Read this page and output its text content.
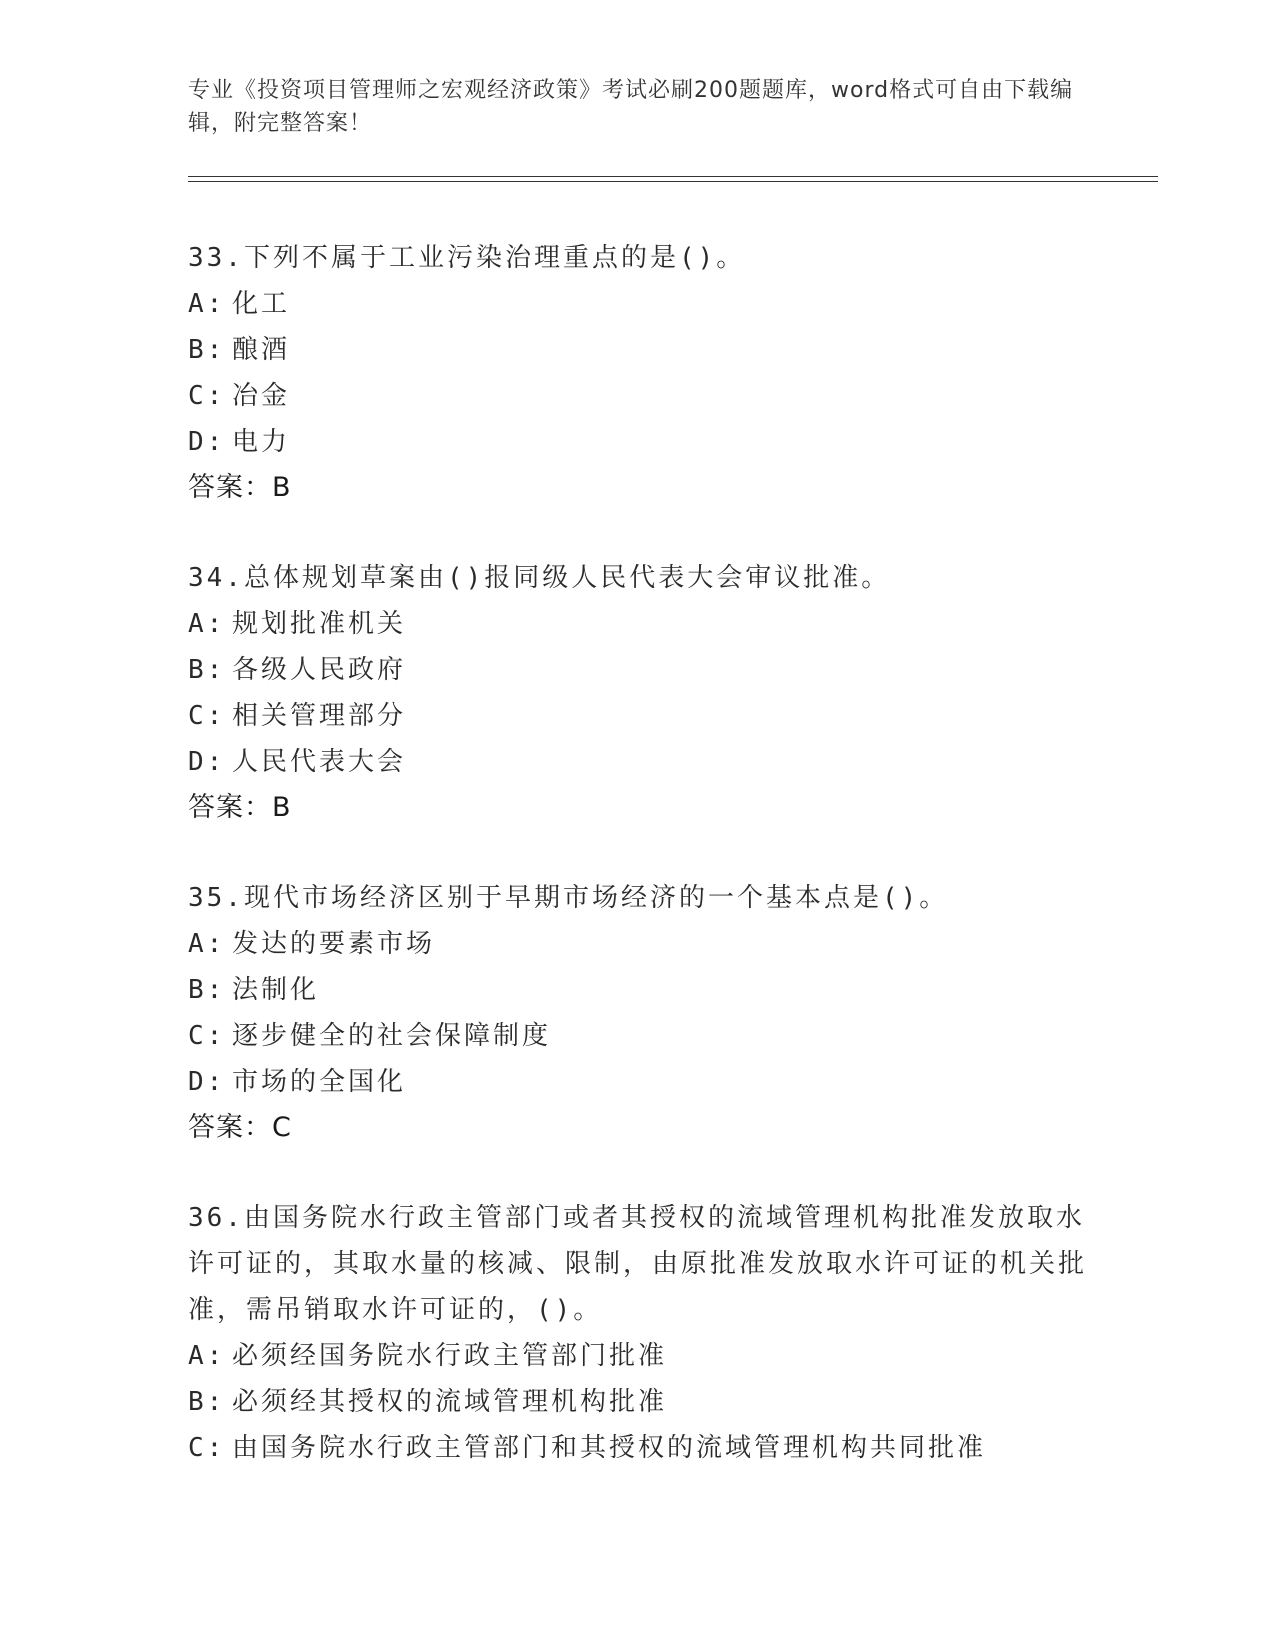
专业《投资项目管理师之宏观经济政策》考试必刷200题题库，word格式可自由下载编辑，附完整答案！

33.下列不属于工业污染治理重点的是()。

A: 化工

B: 酿酒

C: 冶金

D: 电力

答案：B

34.总体规划草案由()报同级人民代表大会审议批准。

A: 规划批准机关

B: 各级人民政府

C: 相关管理部分

D: 人民代表大会

答案：B

35.现代市场经济区别于早期市场经济的一个基本点是()。

A: 发达的要素市场

B: 法制化

C: 逐步健全的社会保障制度

D: 市场的全国化

答案：C

36.由国务院水行政主管部门或者其授权的流域管理机构批准发放取水许可证的，其取水量的核减、限制，由原批准发放取水许可证的机关批准，需吊销取水许可证的，()。

A: 必须经国务院水行政主管部门批准

B: 必须经其授权的流域管理机构批准

C: 由国务院水行政主管部门和其授权的流域管理机构共同批准
